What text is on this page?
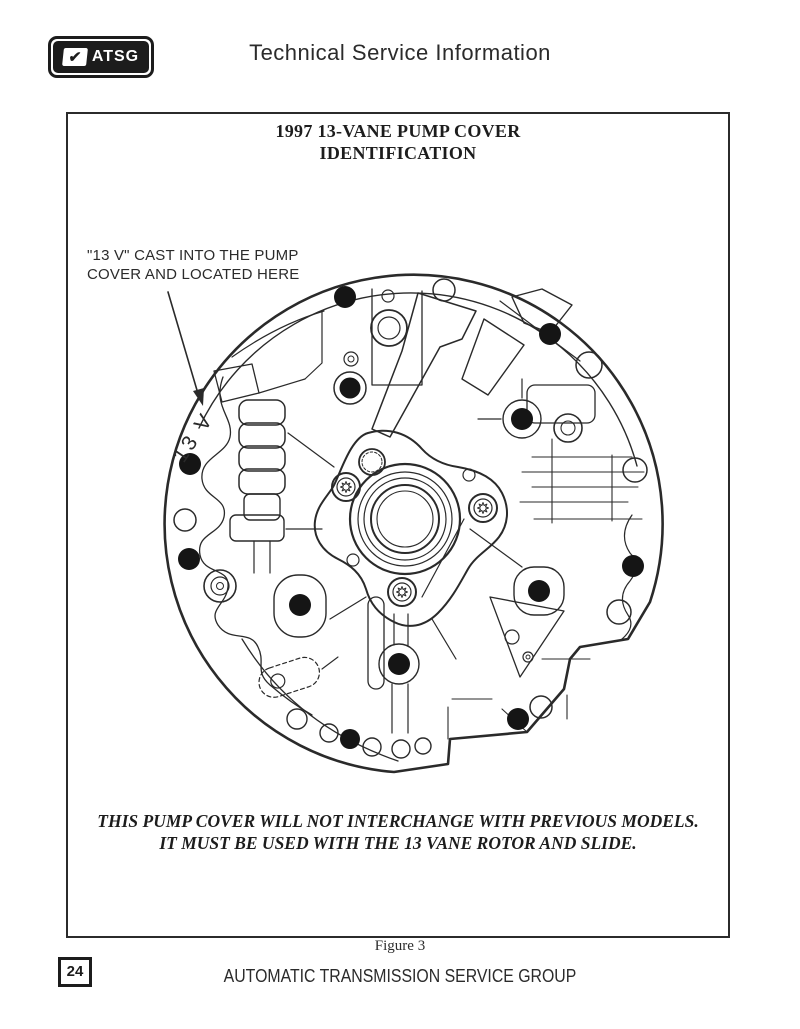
✔ ATSG	Technical Service Information
1997 13-VANE PUMP COVER
IDENTIFICATION
"13 V" CAST INTO THE PUMP
COVER AND LOCATED HERE
13 V
THIS PUMP COVER WILL NOT INTERCHANGE WITH PREVIOUS MODELS.
IT MUST BE USED WITH THE 13 VANE ROTOR AND SLIDE.
Figure 3
24	AUTOMATIC TRANSMISSION SERVICE GROUP
